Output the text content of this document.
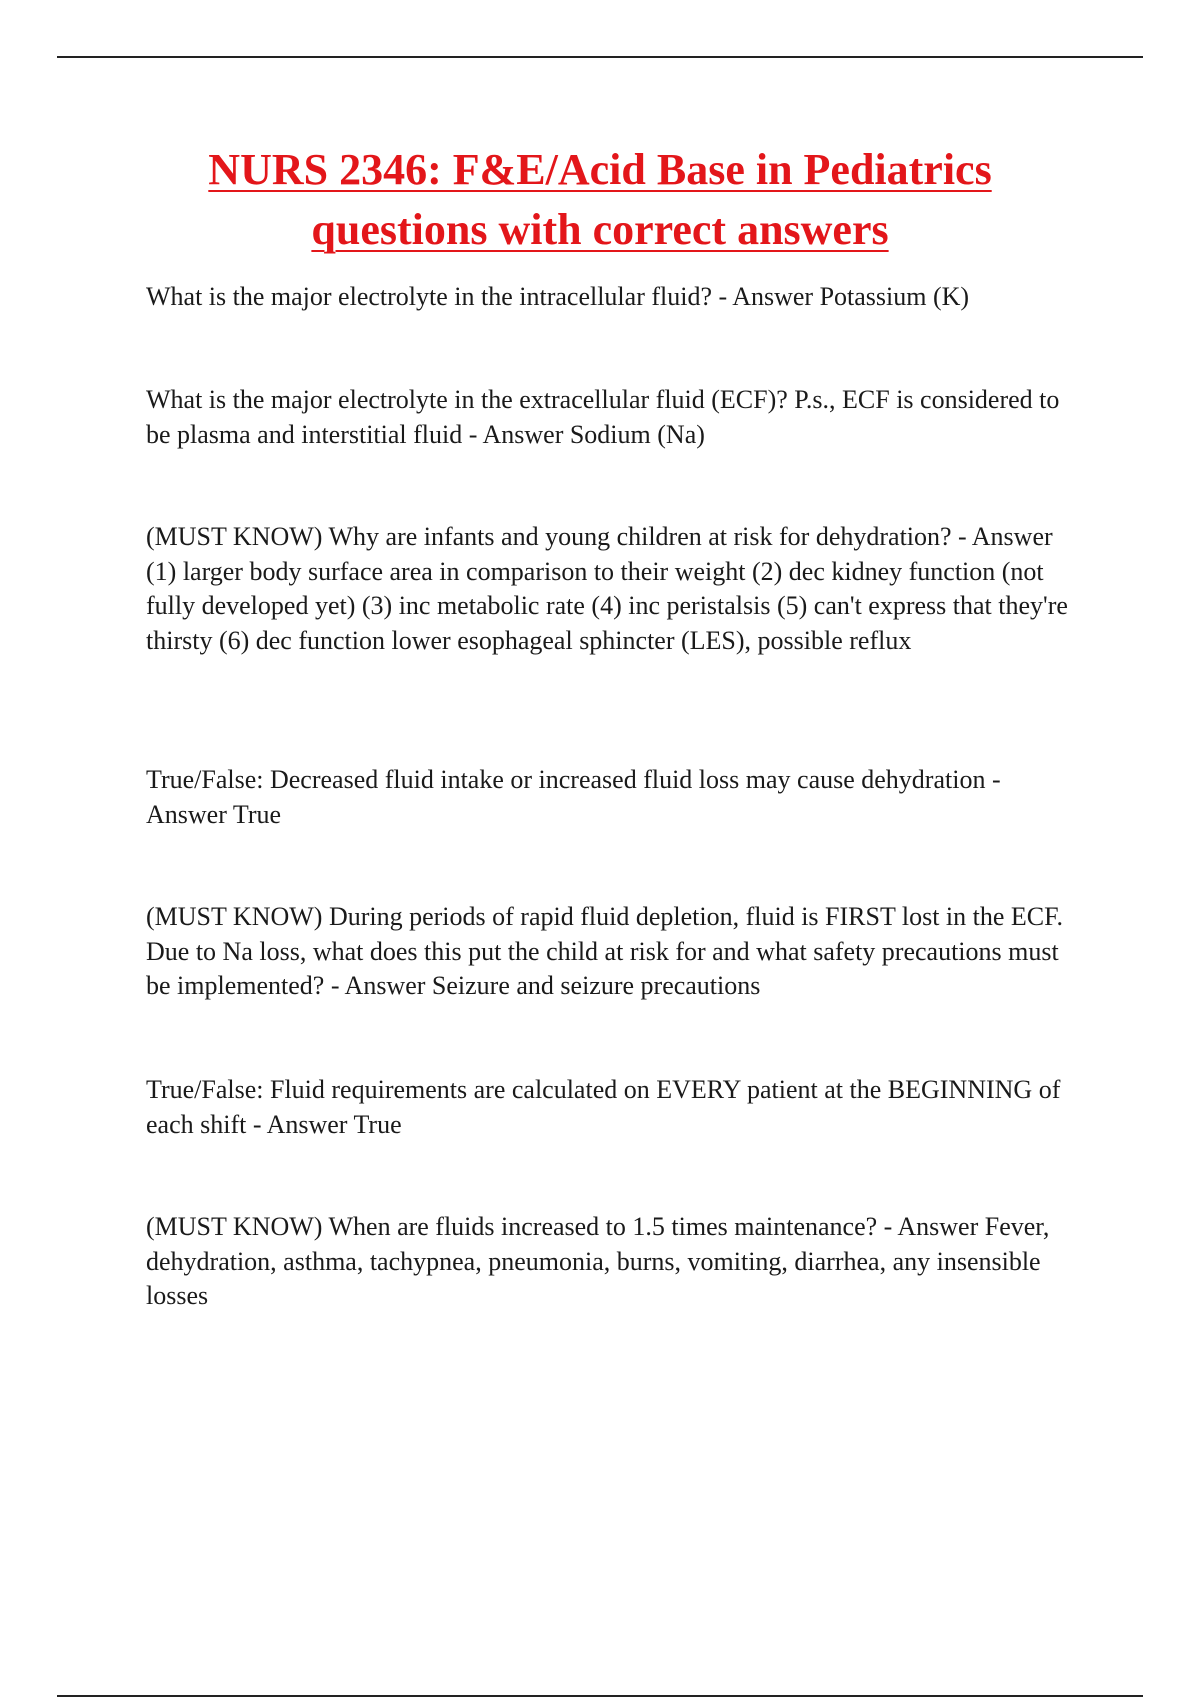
NURS 2346: F&E/Acid Base in Pediatrics
questions with correct answers

What is the major electrolyte in the intracellular fluid? - Answer Potassium (K)

What is the major electrolyte in the extracellular fluid (ECF)? P.s., ECF is considered to be plasma and interstitial fluid - Answer Sodium (Na)

(MUST KNOW) Why are infants and young children at risk for dehydration? - Answer (1) larger body surface area in comparison to their weight (2) dec kidney function (not fully developed yet) (3) inc metabolic rate (4) inc peristalsis (5) can't express that they're thirsty (6) dec function lower esophageal sphincter (LES), possible reflux

True/False: Decreased fluid intake or increased fluid loss may cause dehydration - Answer True

(MUST KNOW) During periods of rapid fluid depletion, fluid is FIRST lost in the ECF. Due to Na loss, what does this put the child at risk for and what safety precautions must be implemented? - Answer Seizure and seizure precautions

True/False: Fluid requirements are calculated on EVERY patient at the BEGINNING of each shift - Answer True

(MUST KNOW) When are fluids increased to 1.5 times maintenance? - Answer Fever, dehydration, asthma, tachypnea, pneumonia, burns, vomiting, diarrhea, any insensible losses
